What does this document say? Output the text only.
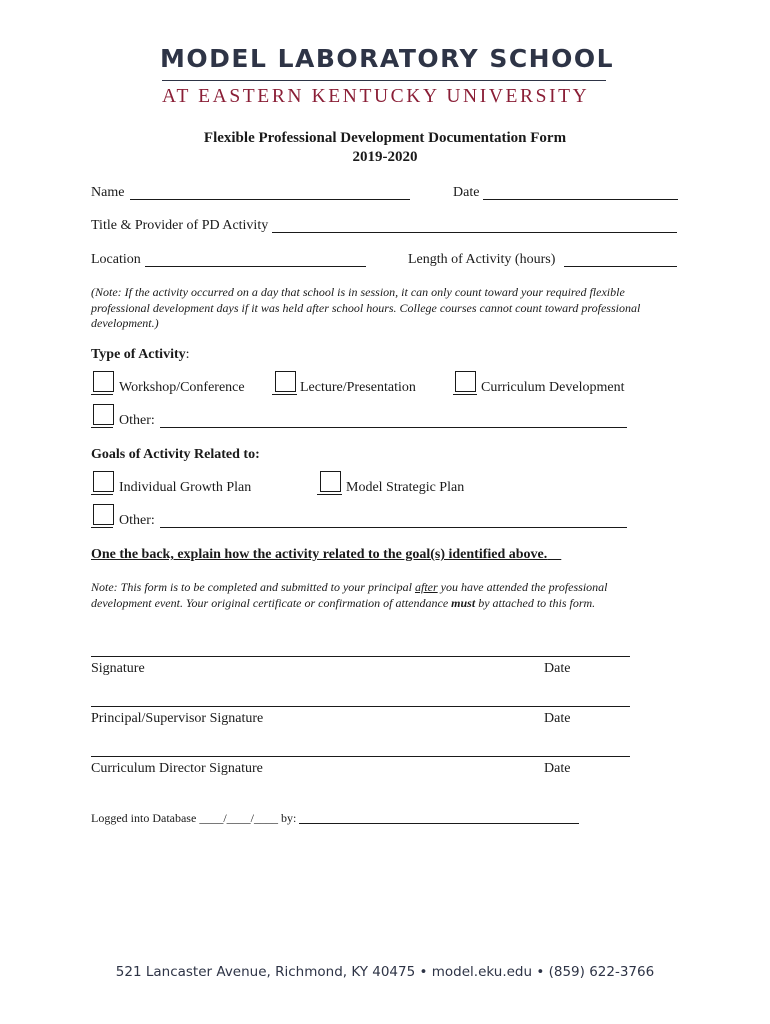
MODEL LABORATORY SCHOOL
AT EASTERN KENTUCKY UNIVERSITY
Flexible Professional Development Documentation Form
2019-2020
Name	Date
Title & Provider of PD Activity
Location	Length of Activity (hours)
(Note: If the activity occurred on a day that school is in session, it can only count toward your required flexible professional development days if it was held after school hours. College courses cannot count toward professional development.)
Type of Activity:
Workshop/Conference	Lecture/Presentation	Curriculum Development
Other:
Goals of Activity Related to:
Individual Growth Plan	Model Strategic Plan
Other:
One the back, explain how the activity related to the goal(s) identified above.
Note: This form is to be completed and submitted to your principal after you have attended the professional development event. Your original certificate or confirmation of attendance must by attached to this form.
Signature	Date
Principal/Supervisor Signature	Date
Curriculum Director Signature	Date
Logged into Database ____/____/____ by:
521 Lancaster Avenue, Richmond, KY 40475 • model.eku.edu • (859) 622-3766
